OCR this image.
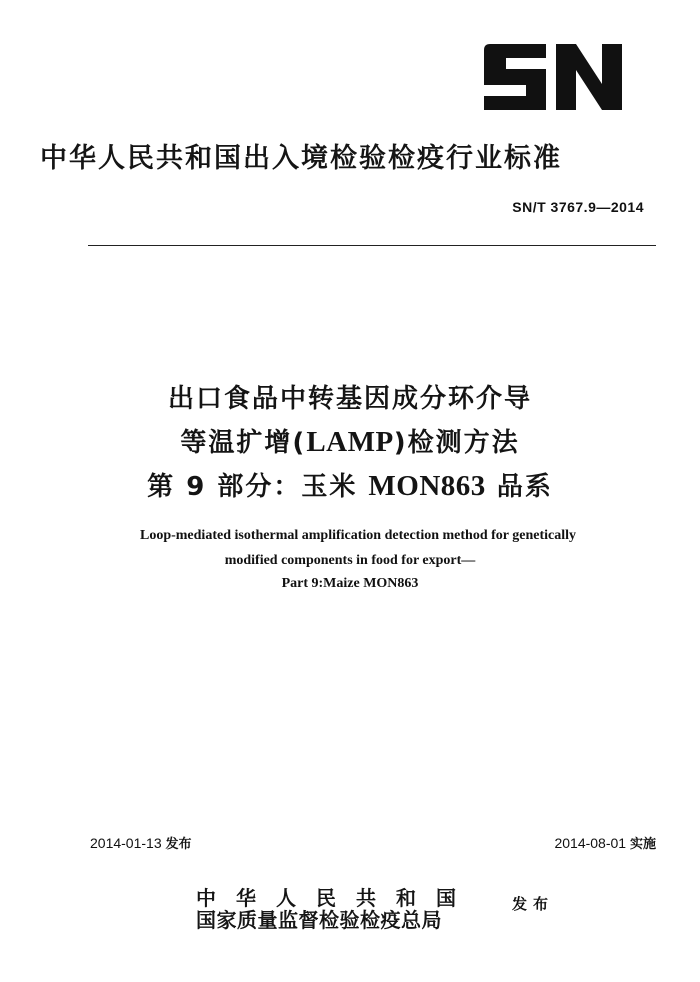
中华人民共和国出入境检验检疫行业标准
SN/T 3767.9—2014
出口食品中转基因成分环介导
等温扩增(LAMP)检测方法
第 9 部分：玉米 MON863 品系
Loop-mediated isothermal amplification detection method for genetically
modified components in food for export—
Part 9:Maize MON863
2014-01-13 发布	2014-08-01 实施
中华人民共和国
国家质量监督检验检疫总局
发布
